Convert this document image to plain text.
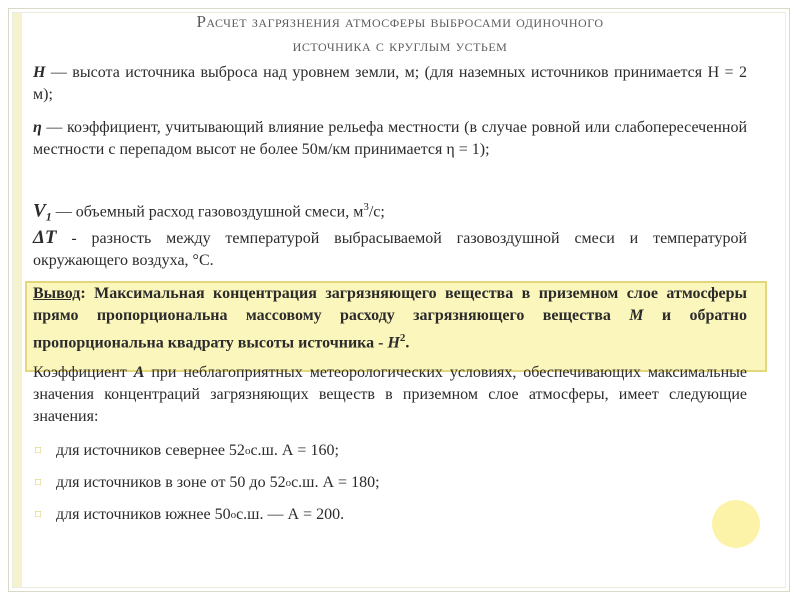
Расчет загрязнения атмосферы выбросами одиночного
источника с круглым устьем
H — высота источника выброса над уровнем земли, м; (для наземных источников принимается Н = 2 м);
η — коэффициент, учитывающий влияние рельефа местности (в случае ровной или слабопересеченной местности с перепадом высот не более 50м/км принимается η = 1);
$V_1$ — объемный расход газовоздушной смеси, $м^3/с$;
ΔT - разность между температурой выбрасываемой газовоздушной смеси и температурой окружающего воздуха, °С.
Вывод: Максимальная концентрация загрязняющего вещества в приземном слое атмосферы прямо пропорциональна массовому расходу загрязняющего вещества М и обратно пропорциональна квадрату высоты источника - $H^2$.
Коэффициент А при неблагоприятных метеорологических условиях, обеспечивающих максимальные значения концентраций загрязняющих веществ в приземном слое атмосферы, имеет следующие значения:
⌑ для источников севернее 52 о с.ш. А = 160;
⌑ для источников в зоне от 50 до 52 о с.ш. А = 180;
⌑ для источников южнее 50 о с.ш. — А = 200.
